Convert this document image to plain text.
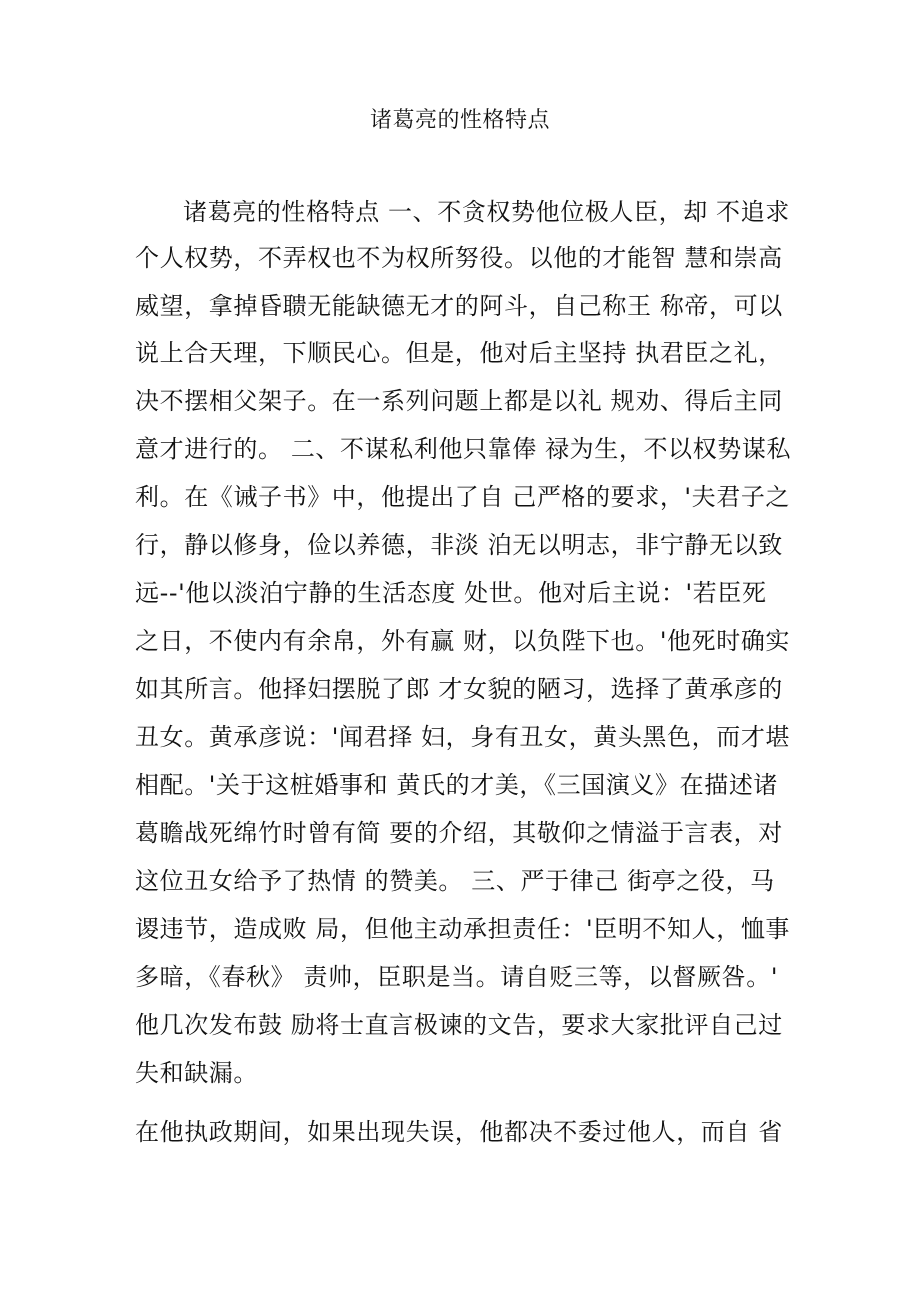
诸葛亮的性格特点
诸葛亮的性格特点 一、不贪权势他位极人臣，却 不追求
个人权势，不弄权也不为权所努役。以他的才能智 慧和崇高
威望，拿掉昏聩无能缺德无才的阿斗，自己称王 称帝，可以
说上合天理，下顺民心。但是，他对后主坚持 执君臣之礼，
决不摆相父架子。在一系列问题上都是以礼 规劝、得后主同
意才进行的。 二、不谋私利他只靠俸 禄为生，不以权势谋私
利。在《诫子书》中，他提出了自 己严格的要求，'夫君子之
行，静以修身，俭以养德，非淡 泊无以明志，非宁静无以致
远--'他以淡泊宁静的生活态度 处世。他对后主说：'若臣死
之日，不使内有余帛，外有赢 财，以负陛下也。'他死时确实
如其所言。他择妇摆脱了郎 才女貌的陋习，选择了黄承彦的
丑女。黄承彦说：'闻君择 妇，身有丑女，黄头黑色，而才堪
相配。'关于这桩婚事和 黄氏的才美，《三国演义》在描述诸
葛瞻战死绵竹时曾有简 要的介绍，其敬仰之情溢于言表，对
这位丑女给予了热情 的赞美。 三、严于律己 街亭之役，马
谡违节，造成败 局，但他主动承担责任：'臣明不知人，恤事
多暗，《春秋》 责帅，臣职是当。请自贬三等，以督厥咎。'
他几次发布鼓 励将士直言极谏的文告，要求大家批评自己过
失和缺漏。
在他执政期间，如果出现失误，他都决不委过他人，而自 省
